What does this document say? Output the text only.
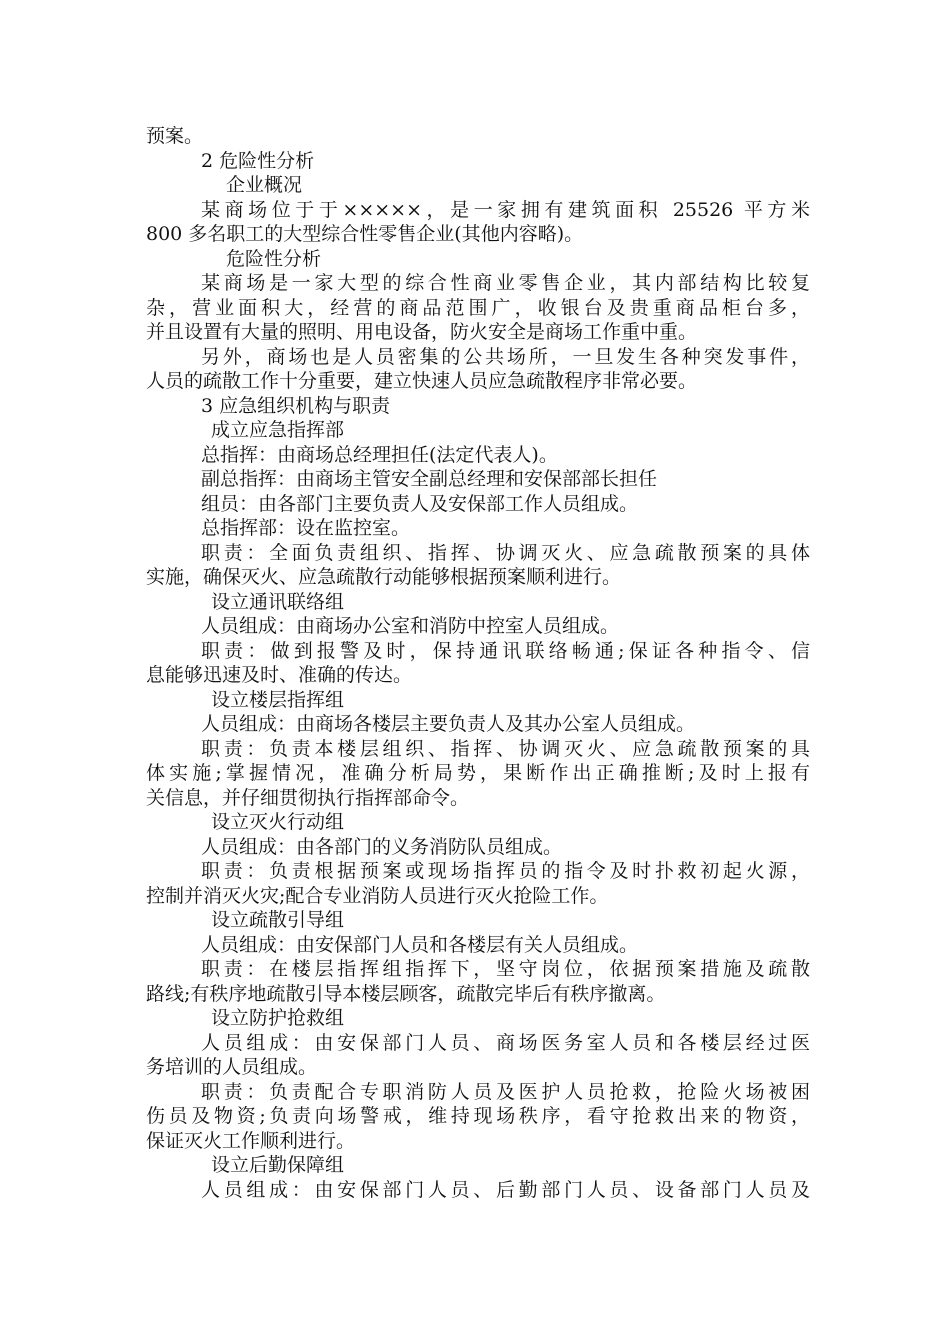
预案。
2 危险性分析
企业概况
某商场位于于×××××，是一家拥有建筑面积 25526 平方米
800 多名职工的大型综合性零售企业(其他内容略)。
危险性分析
某商场是一家大型的综合性商业零售企业，其内部结构比较复
杂，营业面积大，经营的商品范围广，收银台及贵重商品柜台多，
并且设置有大量的照明、用电设备，防火安全是商场工作重中重。
另外，商场也是人员密集的公共场所，一旦发生各种突发事件，
人员的疏散工作十分重要，建立快速人员应急疏散程序非常必要。
3 应急组织机构与职责
成立应急指挥部
总指挥：由商场总经理担任(法定代表人)。
副总指挥：由商场主管安全副总经理和安保部部长担任
组员：由各部门主要负责人及安保部工作人员组成。
总指挥部：设在监控室。
职责：全面负责组织、指挥、协调灭火、应急疏散预案的具体
实施，确保灭火、应急疏散行动能够根据预案顺利进行。
设立通讯联络组
人员组成：由商场办公室和消防中控室人员组成。
职责：做到报警及时，保持通讯联络畅通;保证各种指令、信
息能够迅速及时、准确的传达。
设立楼层指挥组
人员组成：由商场各楼层主要负责人及其办公室人员组成。
职责：负责本楼层组织、指挥、协调灭火、应急疏散预案的具
体实施;掌握情况，准确分析局势，果断作出正确推断;及时上报有
关信息，并仔细贯彻执行指挥部命令。
设立灭火行动组
人员组成：由各部门的义务消防队员组成。
职责：负责根据预案或现场指挥员的指令及时扑救初起火源，
控制并消灭火灾;配合专业消防人员进行灭火抢险工作。
设立疏散引导组
人员组成：由安保部门人员和各楼层有关人员组成。
职责：在楼层指挥组指挥下，坚守岗位，依据预案措施及疏散
路线;有秩序地疏散引导本楼层顾客，疏散完毕后有秩序撤离。
设立防护抢救组
人员组成：由安保部门人员、商场医务室人员和各楼层经过医
务培训的人员组成。
职责：负责配合专职消防人员及医护人员抢救，抢险火场被困
伤员及物资;负责向场警戒，维持现场秩序，看守抢救出来的物资，
保证灭火工作顺利进行。
设立后勤保障组
人员组成：由安保部门人员、后勤部门人员、设备部门人员及
